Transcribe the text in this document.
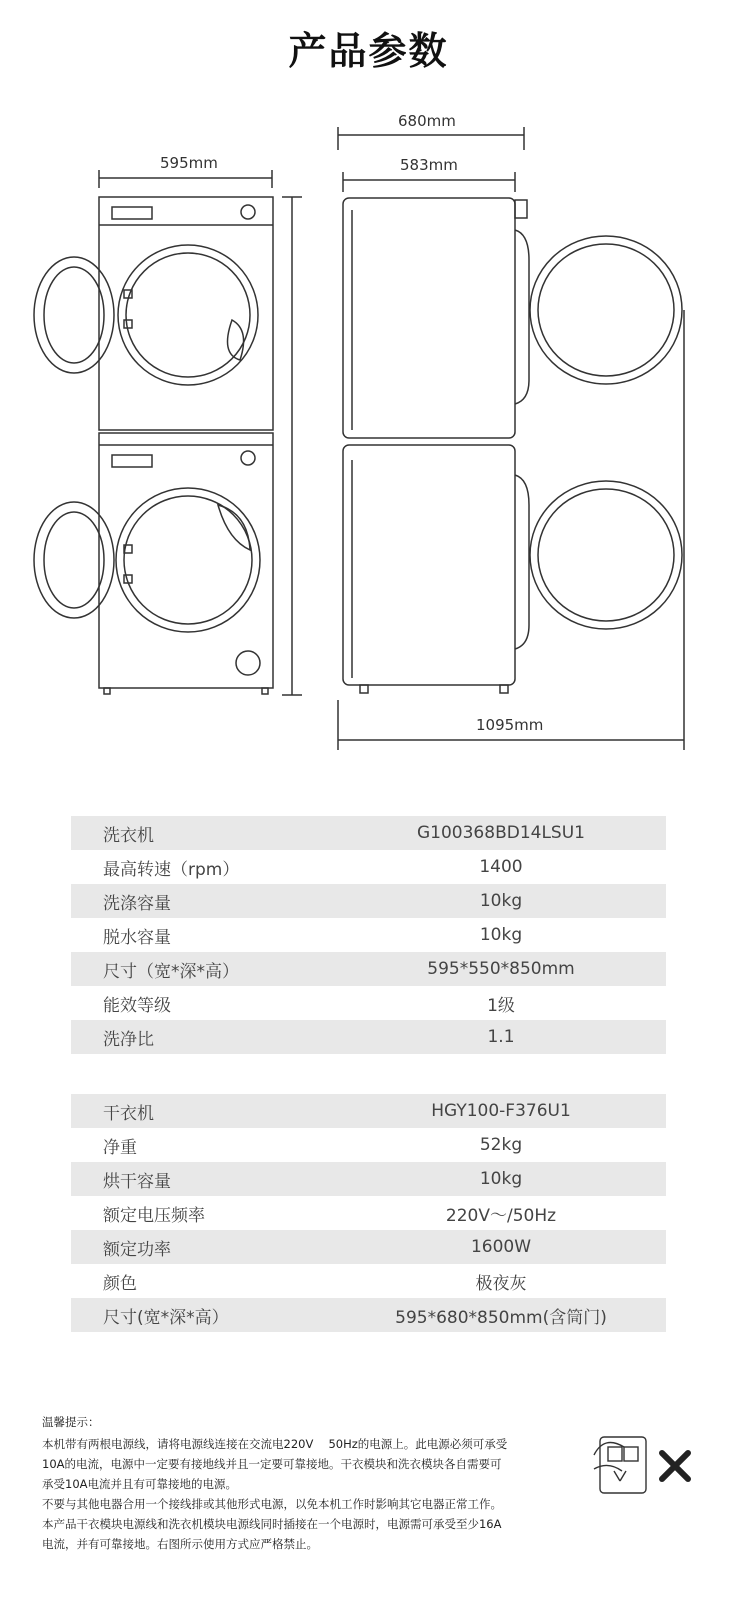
产品参数
595mm
680mm
583mm
1095mm
洗衣机	G100368BD14LSU1
最高转速（rpm）	1400
洗涤容量	10kg
脱水容量	10kg
尺寸（宽*深*高）	595*550*850mm
能效等级	1级
洗净比	1.1
干衣机	HGY100-F376U1
净重	52kg
烘干容量	10kg
额定电压频率	220V～/50Hz
额定功率	1600W
颜色	极夜灰
尺寸(宽*深*高）	595*680*850mm(含筒门)

温馨提示：

本机带有两根电源线，请将电源线连接在交流电220V　 50Hz的电源上。此电源必须可承受

10A的电流，电源中一定要有接地线并且一定要可靠接地。干衣模块和洗衣模块各自需要可

承受10A电流并且有可靠接地的电源。

不要与其他电器合用一个接线排或其他形式电源，以免本机工作时影响其它电器正常工作。

本产品干衣模块电源线和洗衣机模块电源线同时插接在一个电源时，电源需可承受至少16A

电流，并有可靠接地。右图所示使用方式应严格禁止。
